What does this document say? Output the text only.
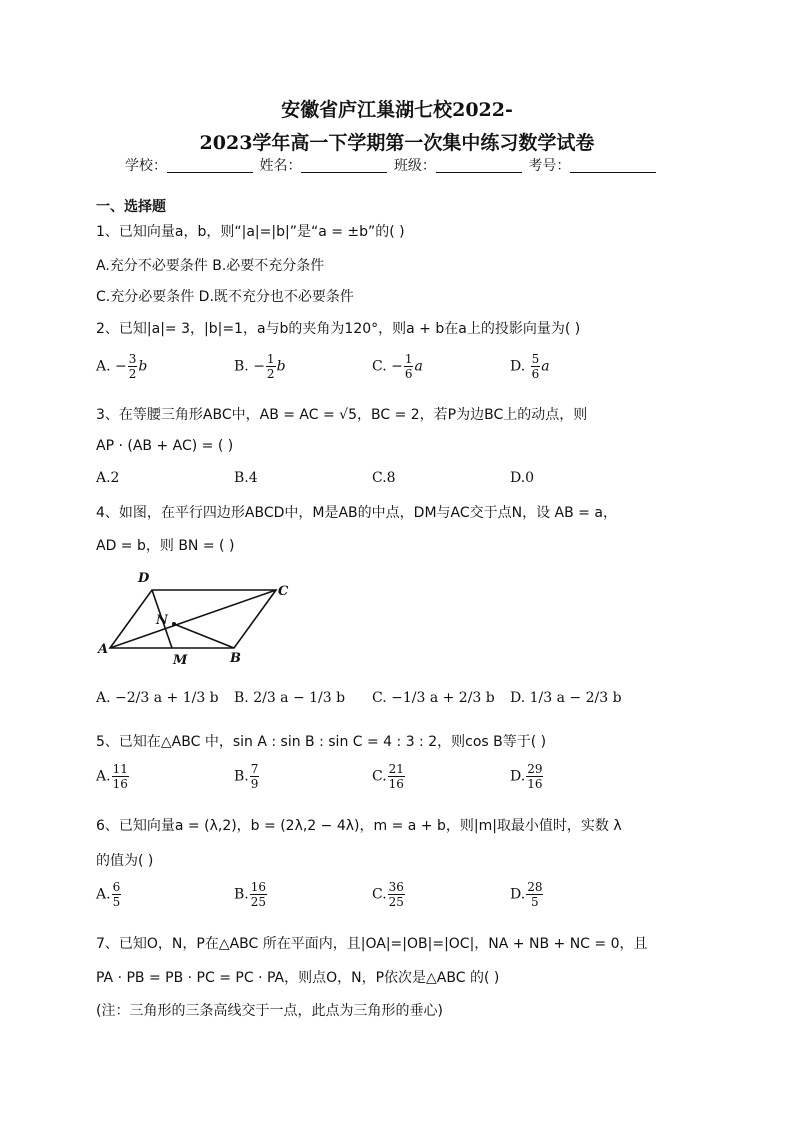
安徽省庐江巢湖七校2022-
2023学年高一下学期第一次集中练习数学试卷
学校：	姓名：	班级：	考号：
一、选择题
1、已知向量a，b，则“|a|=|b|”是“a = ±b”的( )
A.充分不必要条件 B.必要不充分条件
C.充分必要条件 D.既不充分也不必要条件
2、已知|a|= 3，|b|=1，a与b的夹角为120°，则a + b在a上的投影向量为( )
A. − $\frac{3}{2}$ b	B. − $\frac{1}{2}$ b	C. − $\frac{1}{6}$ a	D. $\frac{5}{6}$ a
3、在等腰三角形ABC中，AB = AC = √5，BC = 2，若P为边BC上的动点，则
AP · (AB + AC) = ( )
A.2	B.4	C.8	D.0
4、如图，在平行四边形ABCD中，M是AB的中点，DM与AC交于点N，设 AB = a，
AD = b，则 BN = ( )
A
B
C
D
M
N
A. −2/3 a + 1/3 b B. 2/3 a − 1/3 b C. −1/3 a + 2/3 b D. 1/3 a − 2/3 b
5、已知在△ABC 中，sin A : sin B : sin C = 4 : 3 : 2，则cos B等于( )
A. $\frac{11}{16}$	B. $\frac{7}{9}$	C. $\frac{21}{16}$	D. $\frac{29}{16}$
6、已知向量a = (λ,2)，b = (2λ,2 − 4λ)，m = a + b，则|m|取最小值时，实数 λ
的值为( )
A. $\frac{6}{5}$	B. $\frac{16}{25}$	C. $\frac{36}{25}$	D. $\frac{28}{5}$
7、已知O，N，P在△ABC 所在平面内，且|OA|=|OB|=|OC|，NA + NB + NC = 0，且
PA · PB = PB · PC = PC · PA，则点O，N，P依次是△ABC 的( )
(注：三角形的三条高线交于一点，此点为三角形的垂心)
